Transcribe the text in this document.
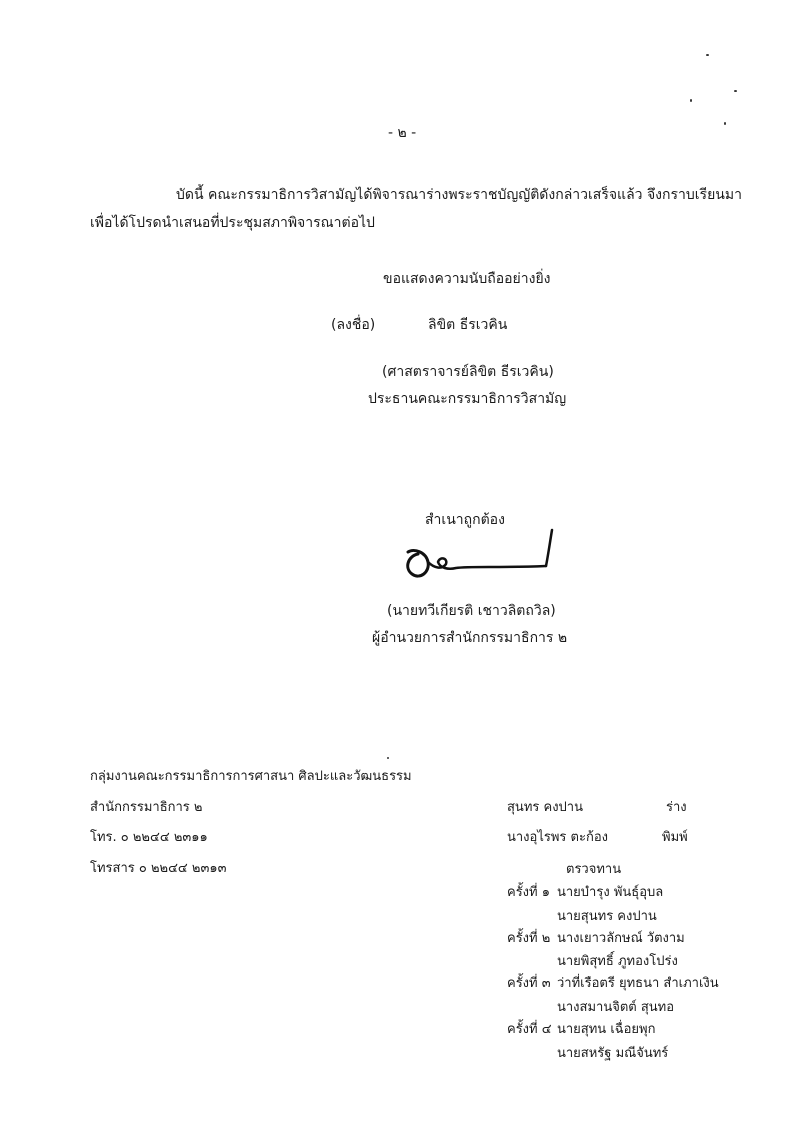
- ๒ -
บัดนี้ คณะกรรมาธิการวิสามัญได้พิจารณาร่างพระราชบัญญัติดังกล่าวเสร็จแล้ว จึงกราบเรียนมา
เพื่อได้โปรดนำเสนอที่ประชุมสภาพิจารณาต่อไป
ขอแสดงความนับถืออย่างยิ่ง
(ลงชื่อ)	ลิขิต ธีรเวคิน
(ศาสตราจารย์ลิขิต ธีรเวคิน)
ประธานคณะกรรมาธิการวิสามัญ
สำเนาถูกต้อง
(นายทวีเกียรติ เชาวลิตถวิล)
ผู้อำนวยการสำนักกรรมาธิการ ๒
กลุ่มงานคณะกรรมาธิการการศาสนา ศิลปะและวัฒนธรรม
สำนักกรรมาธิการ ๒
โทร. ๐ ๒๒๔๔ ๒๓๑๑
โทรสาร ๐ ๒๒๔๔ ๒๓๑๓
สุนทร คงปาน	ร่าง
นางอุไรพร ตะก้อง	พิมพ์
ตรวจทาน
ครั้งที่ ๑ นายบำรุง พันธุ์อุบล
นายสุนทร คงปาน
ครั้งที่ ๒ นางเยาวลักษณ์ วัตงาม
นายพิสุทธิ์ ภูทองโปร่ง
ครั้งที่ ๓ ว่าที่เรือตรี ยุทธนา สำเภาเงิน
นางสมานจิตต์ สุนทอ
ครั้งที่ ๔ นายสุทน เฉื่อยพุก
นายสหรัฐ มณีจันทร์
